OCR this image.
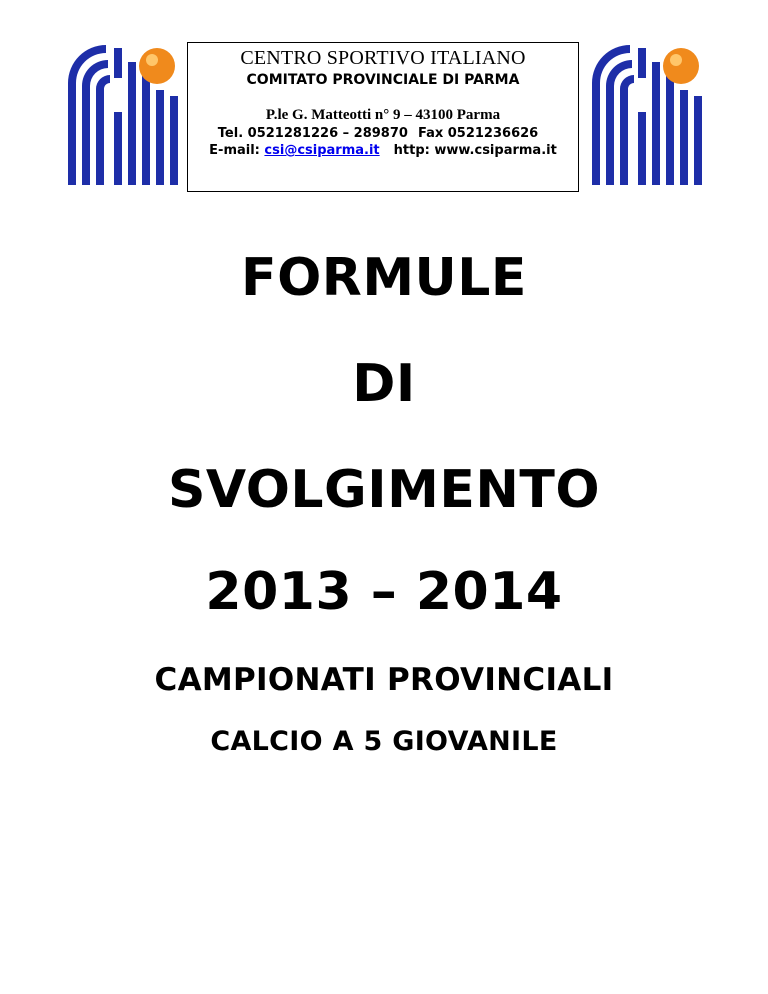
CENTRO SPORTIVO ITALIANO
COMITATO PROVINCIALE DI PARMA
P.le G. Matteotti n° 9 – 43100 Parma
Tel. 0521281226 – 289870 Fax 0521236626
E-mail: csi@csiparma.it http: www.csiparma.it
FORMULE
DI
SVOLGIMENTO
2013 – 2014
CAMPIONATI PROVINCIALI
CALCIO A 5 GIOVANILE
